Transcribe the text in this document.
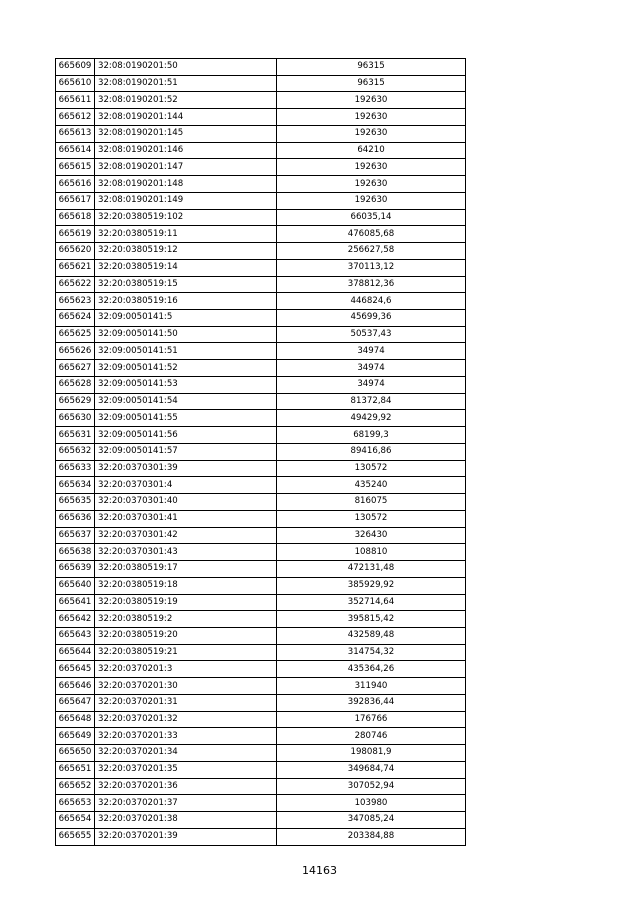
665609	32:08:0190201:50	96315
665610	32:08:0190201:51	96315
665611	32:08:0190201:52	192630
665612	32:08:0190201:144	192630
665613	32:08:0190201:145	192630
665614	32:08:0190201:146	64210
665615	32:08:0190201:147	192630
665616	32:08:0190201:148	192630
665617	32:08:0190201:149	192630
665618	32:20:0380519:102	66035,14
665619	32:20:0380519:11	476085,68
665620	32:20:0380519:12	256627,58
665621	32:20:0380519:14	370113,12
665622	32:20:0380519:15	378812,36
665623	32:20:0380519:16	446824,6
665624	32:09:0050141:5	45699,36
665625	32:09:0050141:50	50537,43
665626	32:09:0050141:51	34974
665627	32:09:0050141:52	34974
665628	32:09:0050141:53	34974
665629	32:09:0050141:54	81372,84
665630	32:09:0050141:55	49429,92
665631	32:09:0050141:56	68199,3
665632	32:09:0050141:57	89416,86
665633	32:20:0370301:39	130572
665634	32:20:0370301:4	435240
665635	32:20:0370301:40	816075
665636	32:20:0370301:41	130572
665637	32:20:0370301:42	326430
665638	32:20:0370301:43	108810
665639	32:20:0380519:17	472131,48
665640	32:20:0380519:18	385929,92
665641	32:20:0380519:19	352714,64
665642	32:20:0380519:2	395815,42
665643	32:20:0380519:20	432589,48
665644	32:20:0380519:21	314754,32
665645	32:20:0370201:3	435364,26
665646	32:20:0370201:30	311940
665647	32:20:0370201:31	392836,44
665648	32:20:0370201:32	176766
665649	32:20:0370201:33	280746
665650	32:20:0370201:34	198081,9
665651	32:20:0370201:35	349684,74
665652	32:20:0370201:36	307052,94
665653	32:20:0370201:37	103980
665654	32:20:0370201:38	347085,24
665655	32:20:0370201:39	203384,88
14163
